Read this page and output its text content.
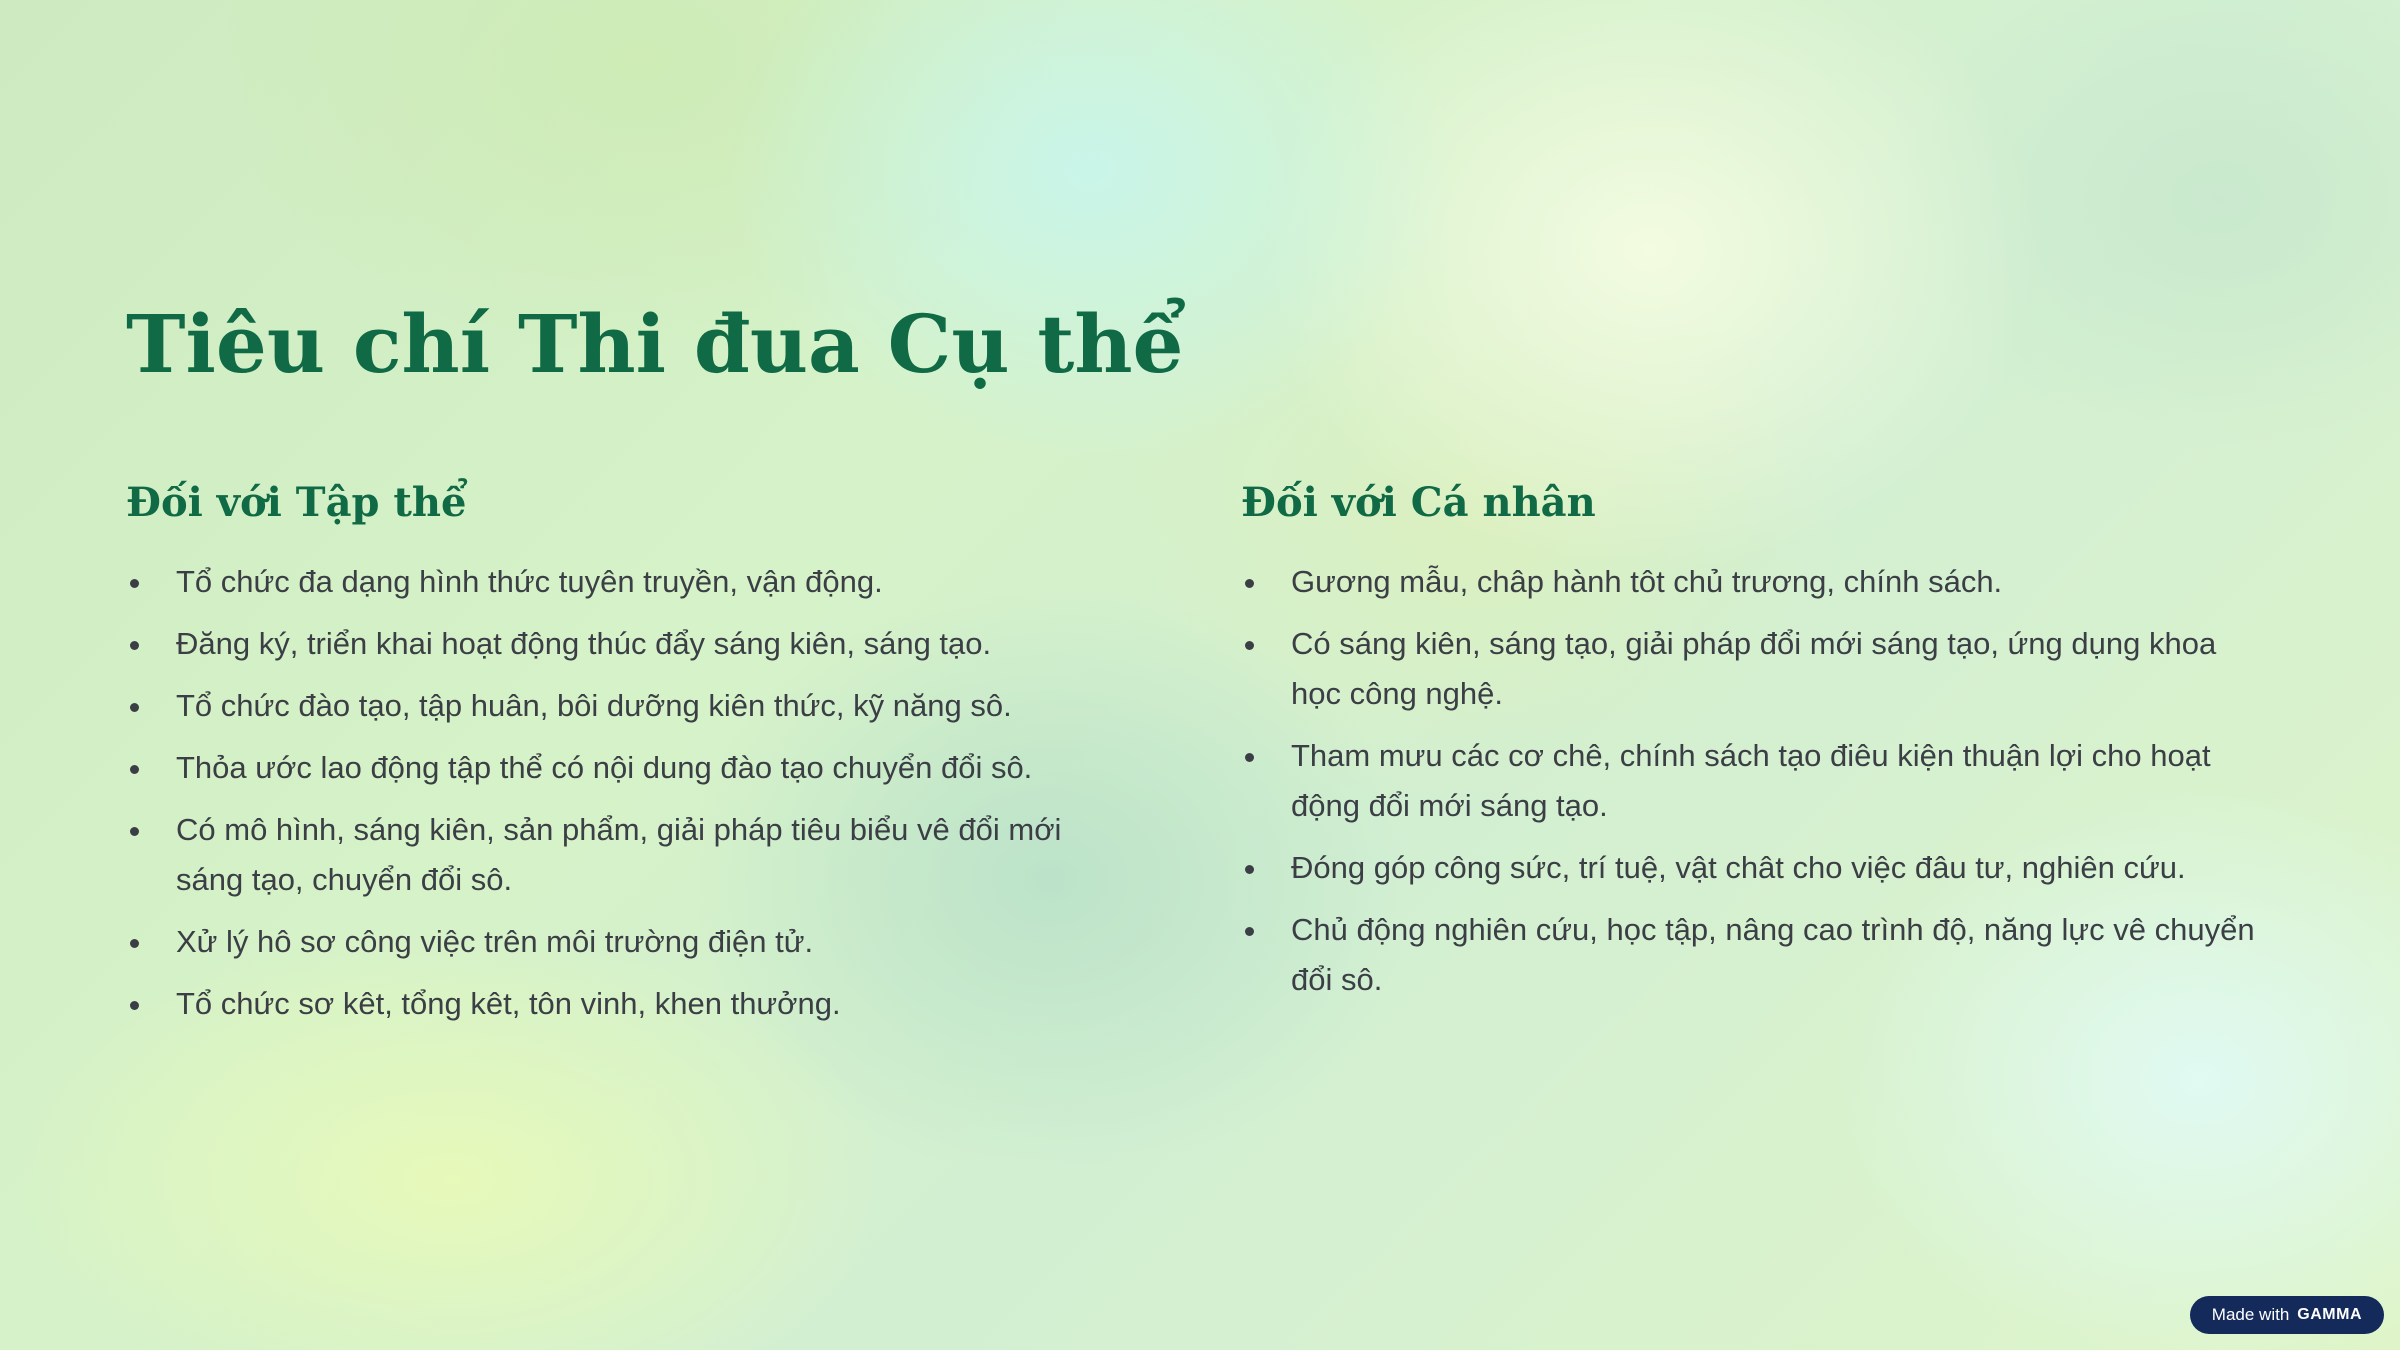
Tiêu chí Thi đua Cụ thể
Đối với Tập thể
Tổ chức đa dạng hình thức tuyên truyền, vận động.
Đăng ký, triển khai hoạt động thúc đẩy sáng kiên, sáng tạo.
Tổ chức đào tạo, tập huân, bôi dưỡng kiên thức, kỹ năng sô.
Thỏa ước lao động tập thể có nội dung đào tạo chuyển đổi sô.
Có mô hình, sáng kiên, sản phẩm, giải pháp tiêu biểu vê đổi mới sáng tạo, chuyển đổi sô.
Xử lý hô sơ công việc trên môi trường điện tử.
Tổ chức sơ kêt, tổng kêt, tôn vinh, khen thưởng.
Đối với Cá nhân
Gương mẫu, châp hành tôt chủ trương, chính sách.
Có sáng kiên, sáng tạo, giải pháp đổi mới sáng tạo, ứng dụng khoa học công nghệ.
Tham mưu các cơ chê, chính sách tạo điêu kiện thuận lợi cho hoạt động đổi mới sáng tạo.
Đóng góp công sức, trí tuệ, vật chât cho việc đâu tư, nghiên cứu.
Chủ động nghiên cứu, học tập, nâng cao trình độ, năng lực vê chuyển đổi sô.
Made with GAMMA
